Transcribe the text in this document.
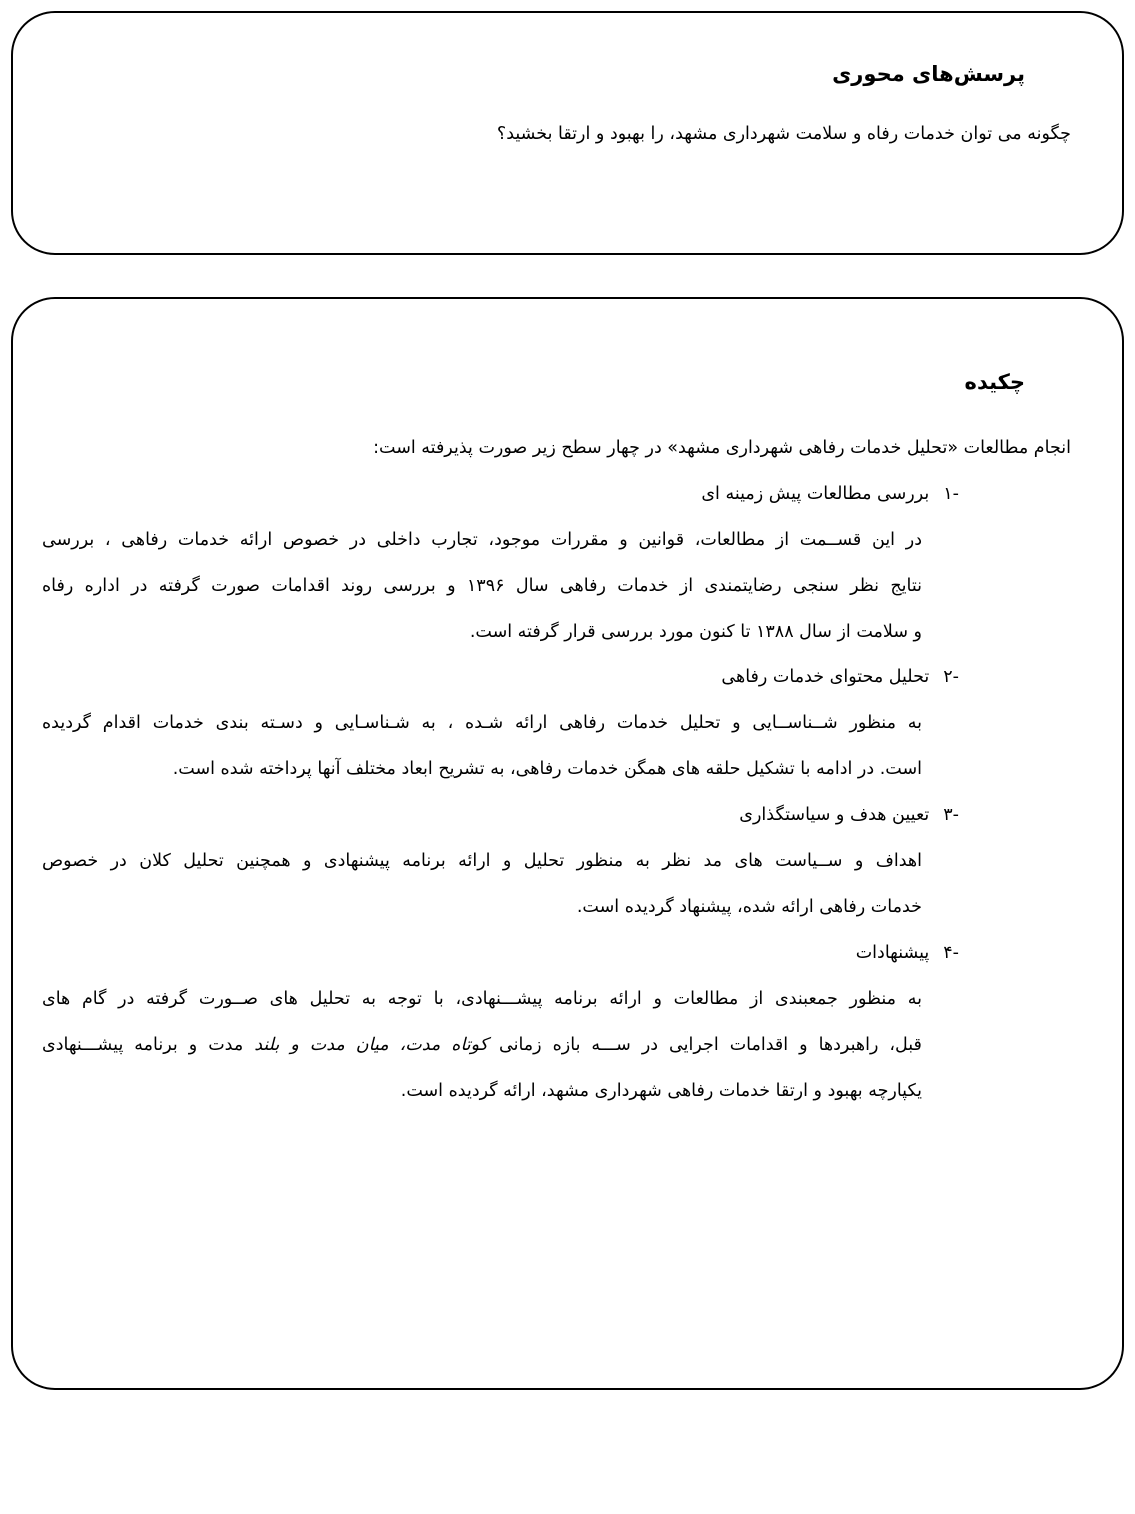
پرسش‌های محوری
چگونه می توان خدمات رفاه و سلامت شهرداری مشهد، را بهبود و ارتقا بخشید؟
چکیده
انجام مطالعات «تحلیل خدمات رفاهی شهرداری مشهد» در چهار سطح زیر صورت پذیرفته است:
-۱بررسی مطالعات پیش زمینه ای
در این قســمت از مطالعات، قوانین و مقررات موجود، تجارب داخلی در خصوص ارائه خدمات رفاهی ، بررسی
نتایج نظر سنجی رضایتمندی از خدمات رفاهی سال ۱۳۹۶ و بررسی روند اقدامات صورت گرفته در اداره رفاه
و سلامت از سال ۱۳۸۸ تا کنون مورد بررسی قرار گرفته است.
-۲تحلیل محتوای خدمات رفاهی
به منظور شــناســایی و تحلیل خدمات رفاهی ارائه شـده ، به شـناسـایی و دسـته بندی خدمات اقدام گردیده
است. در ادامه با تشکیل حلقه های همگن خدمات رفاهی، به تشریح ابعاد مختلف آنها پرداخته شده است.
-۳تعیین هدف و سیاستگذاری
اهداف و ســیاست های مد نظر به منظور تحلیل و ارائه برنامه پیشنهادی و همچنین تحلیل کلان در خصوص
خدمات رفاهی ارائه شده، پیشنهاد گردیده است.
-۴پیشنهادات
به منظور جمعبندی از مطالعات و ارائه برنامه پیشـــنهادی، با توجه به تحلیل های صــورت گرفته در گام های
قبل، راهبردها و اقدامات اجرایی در ســـه بازه زمانی کوتاه مدت، میان مدت و بلند مدت و برنامه پیشـــنهادی
یکپارچه بهبود و ارتقا خدمات رفاهی شهرداری مشهد، ارائه گردیده است.
